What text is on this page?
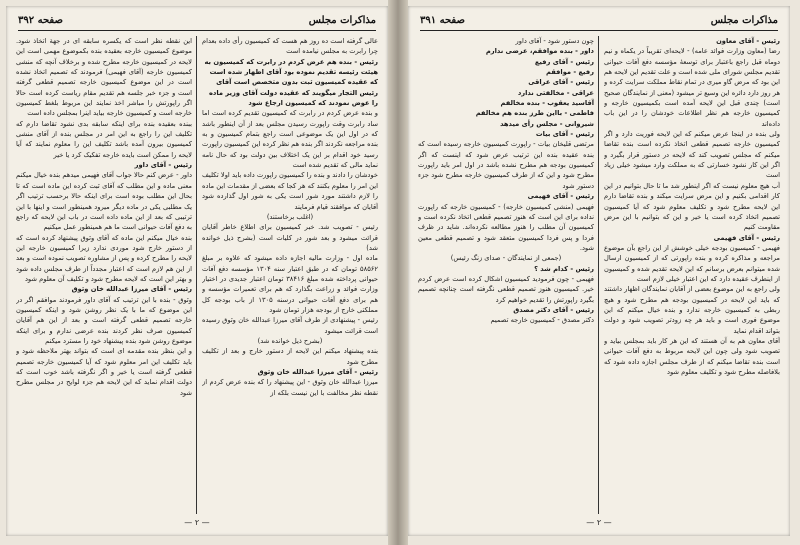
مذاكرات مجلس
صفحه ۳۹۲

عالی گرفته است ده روز هم هست که کمیسیون رأی داده بعدام چرا رابرت به مجلس نیامده است

رئیس - بنده هم عرض کردم در رابرت که کمیسیون به هیئت رئیسه تقدیم نموده بود آقای اظهار شده است که عقیده کمیسیون ثبت بدون متخصص است آقای رئیس التجار میگویند که عقیده دولت آقای وزیر ماده را عوض نمودند که کمیسیون ارجاع شود

و بنده عرض کردم در رابرت که کمیسیون تقدیم کرده است اما ساد رابرت وقت راپورت رسیدن مجلس بعد از آن اینطور باشد که در اول این یک موضوعی است راجع بتمام کمیسیون و به بنده مراجعه نکردند اگر بنده هم نظر کرده این کمیسیون راپورت رسید خود اقدام بر این یک اختلاف بین دولت بود که حال نامه نماید مالی که تقدیم شده است

خودشان را دادند و بنده را کمیسیون راپورت داده باید اولا تکلیف این امر را معلوم بکنند که هر کجا که بعضی از مقدمات این ماده را لازم داشتند مورد شور است یکی به شور اول گذارده شود آقایان که موافقند قیام فرمایند

(اغلب برخاستند)

رئیس - تصویب شد. خبر کمیسیون برای اطلاع خاطر آقایان قرائت میشود و بعد شور در کلیات است (بشرح ذیل خوانده شد)

ماده اول - وزارت مالیه اجازه داده میشود که علاوه بر مبلغ ۵۸۵۶۲ تومان که در طبق اعتبار سنه ۱۳۰۴ مؤسسه دفع آفات حیوانی پرداخته شده مبلغ ۳۸۴۱۶ تومان اعتبار جدیدی در اختیار وزارت فوائد و زراعت بگذارد که هم برای تعمیرات مؤسسه و هم برای دفع آفات حیوانی درسنه ۱۳۰۵ از باب بودجه کل مملکتی خارج از بودجه هزار تومان شود

رئیس - پیشنهادی از طرف آقای میرزا عبدالله خان وثوق رسیده است قرائت میشود

(بشرح ذیل خوانده شد)

بنده پیشنهاد میکنم این لایحه از دستور خارج و بعد از تکلیف مطرح شود

رئیس - آقای میرزا عبدالله خان وثوق

میرزا عبدالله خان وثوق - این پیشنهاد را که بنده عرض کردم از نقطه نظر مخالفت با این نیست بلکه از

این نقطه نظر است که یکسره سابقه ای در جهة اتخاذ شود. موضوع کمیسیون خارجه بعقیده بنده بکموضوع مهمی است این لایحه در کمیسیون خارجه مطرح شده و برخلاف آنچه که منشی کمیسیون خارجه (آقای فهیمی) فرمودند که تصمیم اتخاذ نشده است در این موضوع کمیسیون خارجه تصمیم قطعی گرفته است و جزء خبر جلسه هم تقدیم مقام ریاست کرده است حالا اگر راپورتش را مباشر اخذ نمایند این مربوط بلغط کمیسیون خارجه است و کمیسیون خارجه بیاید اینرا بمجلس داده است

ببنده بعقیده بنده برای اینکه سابقه بدی نشود تقاضا دارم که تکلیف این را راجع به این امر در مجلس بنده از آقای منشی کمیسیون بیرون آمده باشد تکلیف این را معلوم نمایند که آیا لایحه را ممکن است بایده خارجه تفکیک کرد یا خیر

رئیس - آقای داور

داور - عرض کنم حالا جواب آقای فهیمی میدهم بنده خیال میکنم معنی ماده و این مطلب که آقای ثبت کرده این ماده است که تا بحال این مطلب بوده است برای اینکه حالا برحسب ترتیب اگر یک مطلبی یکی در ماده دیگر میرود همینطور است و اینها با این ترتیبی که بعد از این ماده داده است در باب این لایحه که راجع به دفع آفات حیوانی است ما هم همینطور عمل میکنیم

بنده خیال میکنم این ماده که آقای وثوق پیشنهاد کرده است که از دستور خارج شود موردی ندارد زیرا کمیسیون خارجه این لایحه را مطرح کرده و پس از مشاوره تصویب نموده است و بعد از این هم لازم است که اعتبار مجدداً از طرف مجلس داده شود و بهتر این است که لایحه مطرح شود و تکلیف آن معلوم شود

رئیس - آقای میرزا عبدالله خان وثوق

وثوق - بنده با این ترتیب که آقای داور فرمودند موافقم اگر در این موضوع که ما با یک نظر روشن شود و اینکه کمیسیون خارجه تصمیم قطعی گرفته است و بعد از این هم آقایان کمیسیون صرف نظر کردند بنده عرضی ندارم و برای اینکه موضوع روشن شود بنده پیشنهاد خود را مسترد میکنم

و این بنظر بنده مقدمه ای است که بتواند بهتر ملاحظه شود و باید تکلیف این امر معلوم شود که آیا کمیسیون خارجه تصمیم قطعی گرفته است یا خیر و اگر نگرفته باشد خوب است که دولت اقدام نماید که این لایحه هم جزء لوایح در مجلس مطرح شود

— ۲ —
مذاكرات مجلس
صفحه ۳۹۱

رئیس - آقای معاون

رضا (معاون وزارت فوائد عامه) - لایحه‌ای تقریباً در یکماه و نیم دوماه قبل راجع باعتبار برای توسعهٔ مؤسسه دفع آفات حیوانی تقدیم مجلس شورای ملی شده است و علت تقدیم این لایحه هم این بود که مرض گاو میری در تمام نقاط مملکت سرایت کرده و هر روز دارد دائره این وسیع تر میشود (معنی از نمایندگان صحیح است) چندی قبل این لایحه آمده است بکمیسیون خارجه و کمیسیون خارجه هم نظر اطلاعات خودشان را در این باب داده‌اند

ولی بنده در اینجا عرض میکنم که این لایحه فوریت دارد و اگر کمیسیون خارجه تصمیم قطعی اتخاذ نکرده است بنده تقاضا میکنم که مجلس تصویب کند که لایحه در دستور قرار بگیرد و اگر این کار نشود خسارتی که به مملکت وارد میشود خیلی زیاد است

آب هیچ معلوم نیست که اگر اینطور شد ما تا حال بتوانیم در این کار اقدامی بکنیم و این مرض سرایت میکند و بنده تقاضا دارم این لایحه مطرح شود و تکلیف معلوم شود که آیا کمیسیون تصمیم اتخاذ کرده است یا خیر و این که بتوانیم با این مرض مقاومت کنیم

رئیس - آقای فهیمی

فهیمی - کمیسیون بودجه خیلی خوشش از این راجع بآن موضوع مراجعه و مذاکره کرده و بنده راپورتی که از کمیسیون ارسال شده میتوانم بعرض برسانم که این لایحه تقدیم شده و کمیسیون از اینطرف عقیده دارد که این اعتبار خیلی لازم است

ولی راجع به این موضوع بعضی از آقایان نمایندگان اظهار داشتند که باید این لایحه در کمیسیون بودجه هم مطرح شود و هیچ ربطی به کمیسیون خارجه ندارد و بنده خیال میکنم که این موضوع فوری است و باید هر چه زودتر تصویب شود و دولت بتواند اقدام نماید

آقای معاون هم به آن هستند که این هر کار باید بمجلس بیاید و تصویب شود ولی چون این لایحه مربوط به دفع آفات حیوانی است بنده تقاضا میکنم که از طرف مجلس اجازه داده شود که بلافاصله مطرح شود و تکلیف معلوم شود

چون دستور شود - آقای داور

داور - بنده موافقم، عرضی ندارم

رئیس - آقای رفیع

رفیع - موافقم

رئیس - آقای عراقی

عراقی - مخالفتی ندارد

آقاسید یعقوب - بنده مخالفم

فاطمی - بااین طرز بنده هم مخالفم

شیروانی - مجلس رأی میدهد

رئیس - آقای بیات

مرتضی قلیخان بیات - راپورت کمیسیون خارجه رسیده است که بنده عقیده بنده این ترتیب عرض شود که اینست که اگر کمیسیون بودجه هم مطرح نشده باشد در اول امر باید راپورت مطرح شود و این که از طرف کمیسیون خارجه مطرح شود جزء دستور شود

رئیس - آقای فهیمی

فهیمی (منشی کمیسیون خارجه) - کمیسیون خارجه که راپورت نداده برای این است که هنوز تصمیم قطعی اتخاذ نکرده است و کمیسیون آن مطلب را هنوز مطالعه نکرده‌اند. شاید در ظرف فردا و پس فردا کمیسیون متعقد شود و تصمیم قطعی معین شود.

(جمعی از نمایندگان - صدای زنگ رئیس)

رئیس - کدام شد ؟

فهیمی - چون فرمودید کمیسیون اشکال کرده است عرض کردم خیر. کمیسیون هنوز تصمیم قطعی نگرفته است چنانچه تصمیم بگیرد راپورتش را تقدیم خواهیم کرد

رئیس - آقای دکتر مصدق

دکتر مصدق - کمیسیون خارجه تصمیم

— ۲ —
